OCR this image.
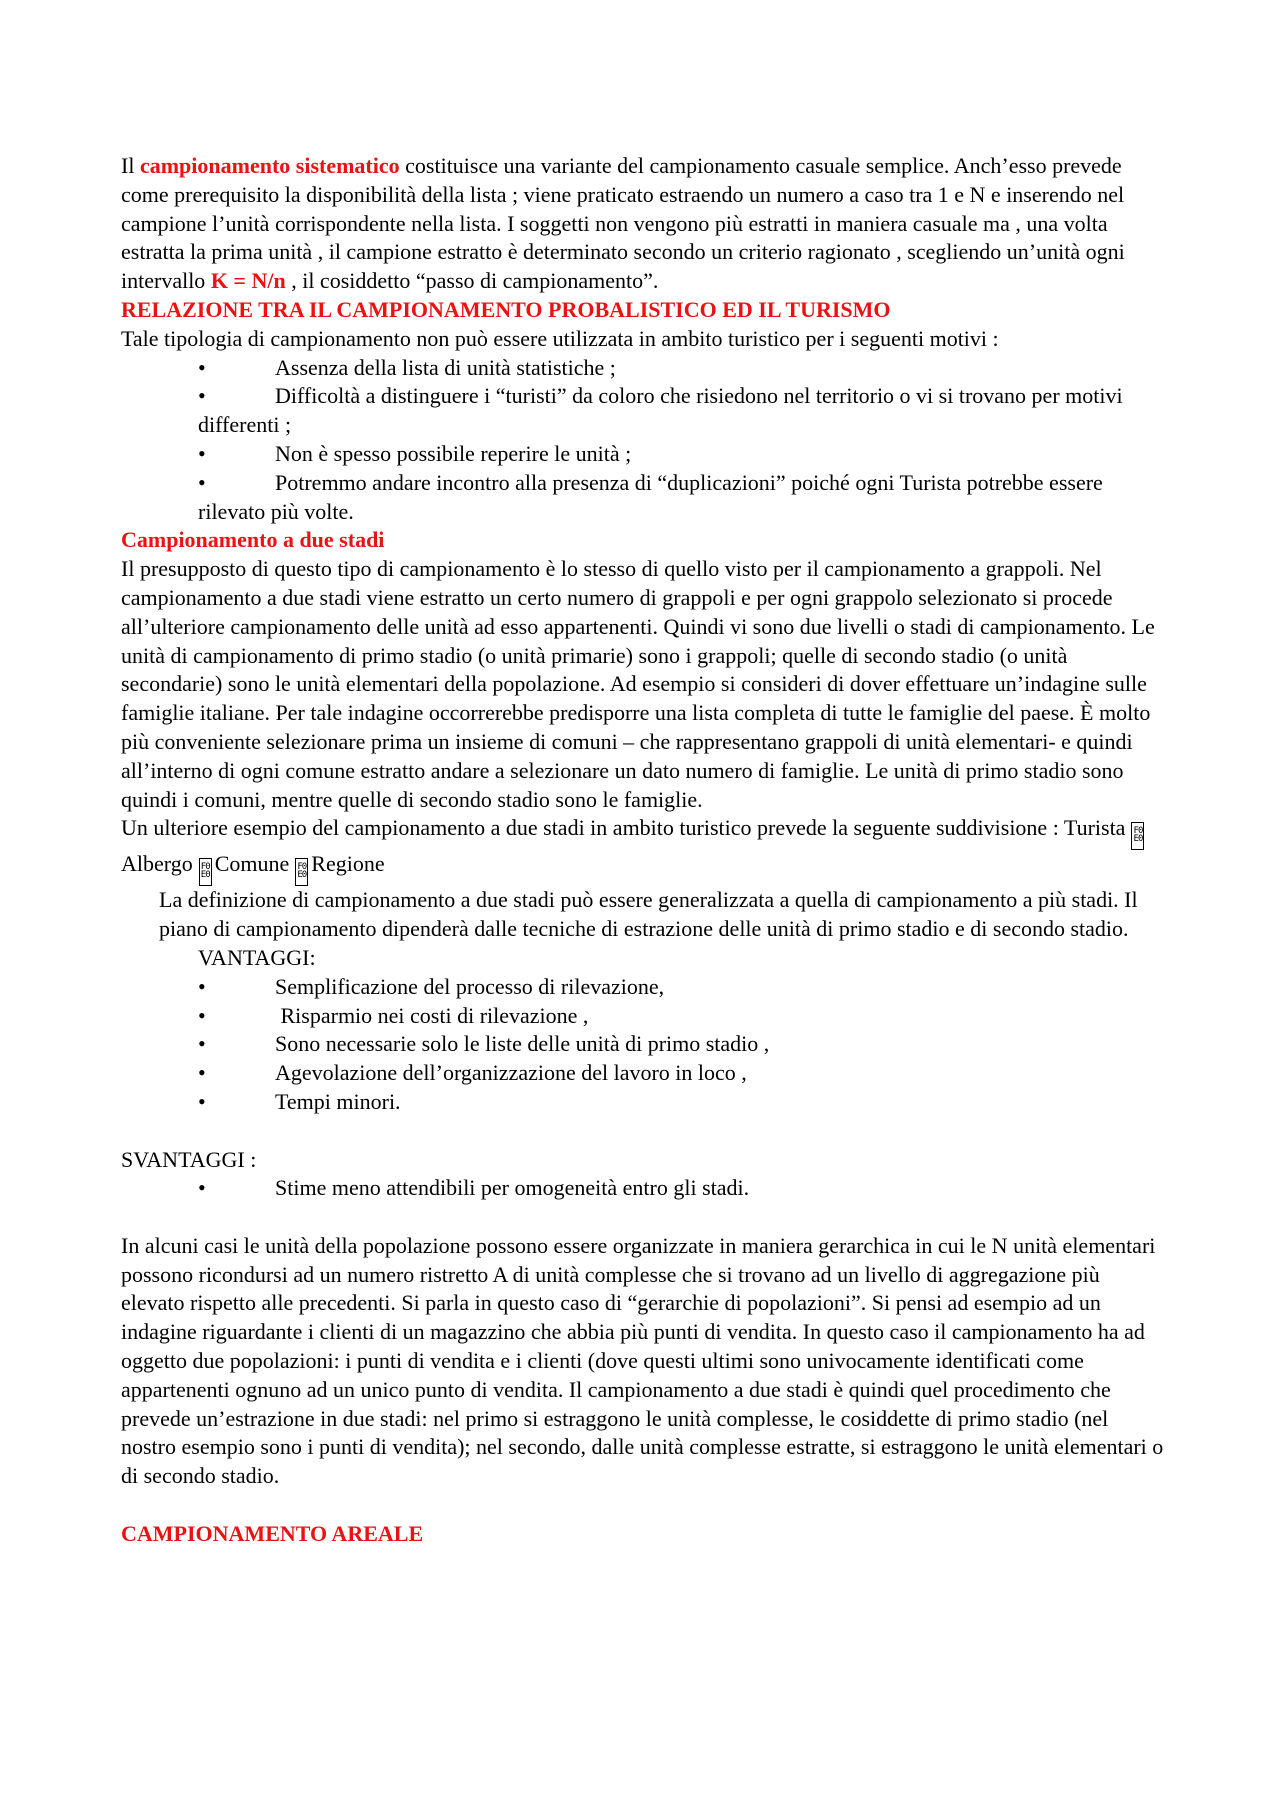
Il campionamento sistematico costituisce una variante del campionamento casuale semplice. Anch’esso prevede come prerequisito la disponibilità della lista ; viene praticato estraendo un numero a caso tra 1 e N e inserendo nel campione l’unità corrispondente nella lista. I soggetti non vengono più estratti in maniera casuale ma , una volta estratta la prima unità , il campione estratto è determinato secondo un criterio ragionato , scegliendo un’unità ogni intervallo K = N/n , il cosiddetto “passo di campionamento”.

RELAZIONE TRA IL CAMPIONAMENTO PROBALISTICO ED IL TURISMO

Tale tipologia di campionamento non può essere utilizzata in ambito turistico per i seguenti motivi :

•	Assenza della lista di unità statistiche ;

•	Difficoltà a distinguere i “turisti” da coloro che risiedono nel territorio o vi si trovano per motivi differenti ;

•	Non è spesso possibile reperire le unità ;

•	Potremmo andare incontro alla presenza di “duplicazioni” poiché ogni Turista potrebbe essere rilevato più volte.

Campionamento a due stadi

Il presupposto di questo tipo di campionamento è lo stesso di quello visto per il campionamento a grappoli. Nel campionamento a due stadi viene estratto un certo numero di grappoli e per ogni grappolo selezionato si procede all’ulteriore campionamento delle unità ad esso appartenenti. Quindi vi sono due livelli o stadi di campionamento. Le unità di campionamento di primo stadio (o unità primarie) sono i grappoli; quelle di secondo stadio (o unità secondarie) sono le unità elementari della popolazione. Ad esempio si consideri di dover effettuare un’indagine sulle famiglie italiane. Per tale indagine occorrerebbe predisporre una lista completa di tutte le famiglie del paese. È molto più conveniente selezionare prima un insieme di comuni – che rappresentano grappoli di unità elementari- e quindi all’interno di ogni comune estratto andare a selezionare un dato numero di famiglie. Le unità di primo stadio sono quindi i comuni, mentre quelle di secondo stadio sono le famiglie.

Un ulteriore esempio del campionamento a due stadi in ambito turistico prevede la seguente suddivisione : Turista F0 E0Albergo F0 E0 Comune F0 E0 Regione

La definizione di campionamento a due stadi può essere generalizzata a quella di campionamento a più stadi. Il piano di campionamento dipenderà dalle tecniche di estrazione delle unità di primo stadio e di secondo stadio.

VANTAGGI:

•	Semplificazione del processo di rilevazione,

•	Risparmio nei costi di rilevazione ,

•	Sono necessarie solo le liste delle unità di primo stadio ,

•	Agevolazione dell’organizzazione del lavoro in loco ,

•	Tempi minori.

SVANTAGGI :

•	Stime meno attendibili per omogeneità entro gli stadi.

In alcuni casi le unità della popolazione possono essere organizzate in maniera gerarchica in cui le N unità elementari possono ricondursi ad un numero ristretto A di unità complesse che si trovano ad un livello di aggregazione più elevato rispetto alle precedenti. Si parla in questo caso di “gerarchie di popolazioni”. Si pensi ad esempio ad un indagine riguardante i clienti di un magazzino che abbia più punti di vendita. In questo caso il campionamento ha ad oggetto due popolazioni: i punti di vendita e i clienti (dove questi ultimi sono univocamente identificati come appartenenti ognuno ad un unico punto di vendita. Il campionamento a due stadi è quindi quel procedimento che prevede un’estrazione in due stadi: nel primo si estraggono le unità complesse, le cosiddette di primo stadio (nel nostro esempio sono i punti di vendita); nel secondo, dalle unità complesse estratte, si estraggono le unità elementari o di secondo stadio.

CAMPIONAMENTO AREALE
